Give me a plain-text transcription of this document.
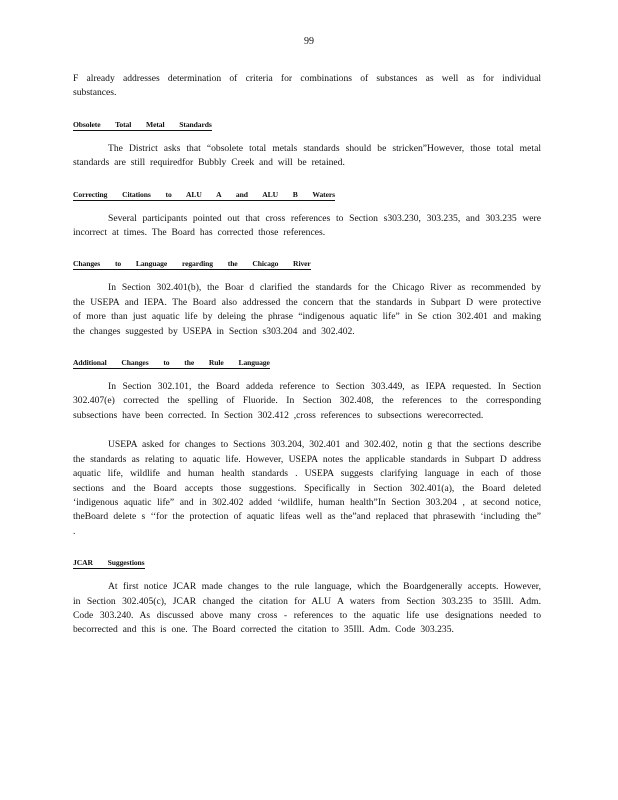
99

F already addresses determination of criteria for combinations of substances as well as for individual substances.

Obsolete Total Metal Standards

The District asks that “obsolete total metals standards should be stricken”However, those total metal standards are still requiredfor Bubbly Creek and will be retained.

Correcting Citations to ALU A and ALU B Waters

Several participants pointed out that cross references to Section s303.230, 303.235, and 303.235 were incorrect at times. The Board has corrected those references.

Changes to Language regarding the Chicago River

In Section 302.401(b), the Boar d clarified the standards for the Chicago River as recommended by the USEPA and IEPA. The Board also addressed the concern that the standards in Subpart D were protective of more than just aquatic life by deleing the phrase “indigenous aquatic life” in Se ction 302.401 and making the changes suggested by USEPA in Section s303.204 and 302.402.

Additional Changes to the Rule Language

In Section 302.101, the Board addeda reference to Section 303.449, as IEPA requested. In Section 302.407(e) corrected the spelling of Fluoride. In Section 302.408, the references to the corresponding subsections have been corrected. In Section 302.412 ,cross references to subsections werecorrected.

USEPA asked for changes to Sections 303.204, 302.401 and 302.402, notin g that the sections describe the standards as relating to aquatic life. However, USEPA notes the applicable standards in Subpart D address aquatic life, wildlife and human health standards . USEPA suggests clarifying language in each of those sections and the Board accepts those suggestions. Specifically in Section 302.401(a), the Board deleted ‘indigenous aquatic life” and in 302.402 added ‘wildlife, human health”In Section 303.204 , at second notice, theBoard delete s ‘‘for the protection of aquatic lifeas well as the”and replaced that phrasewith ‘including the” .

JCAR Suggestions

At first notice JCAR made changes to the rule language, which the Boardgenerally accepts. However, in Section 302.405(c), JCAR changed the citation for ALU A waters from Section 303.235 to 35Ill. Adm. Code 303.240. As discussed above many cross - references to the aquatic life use designations needed to becorrected and this is one. The Board corrected the citation to 35Ill. Adm. Code 303.235.
